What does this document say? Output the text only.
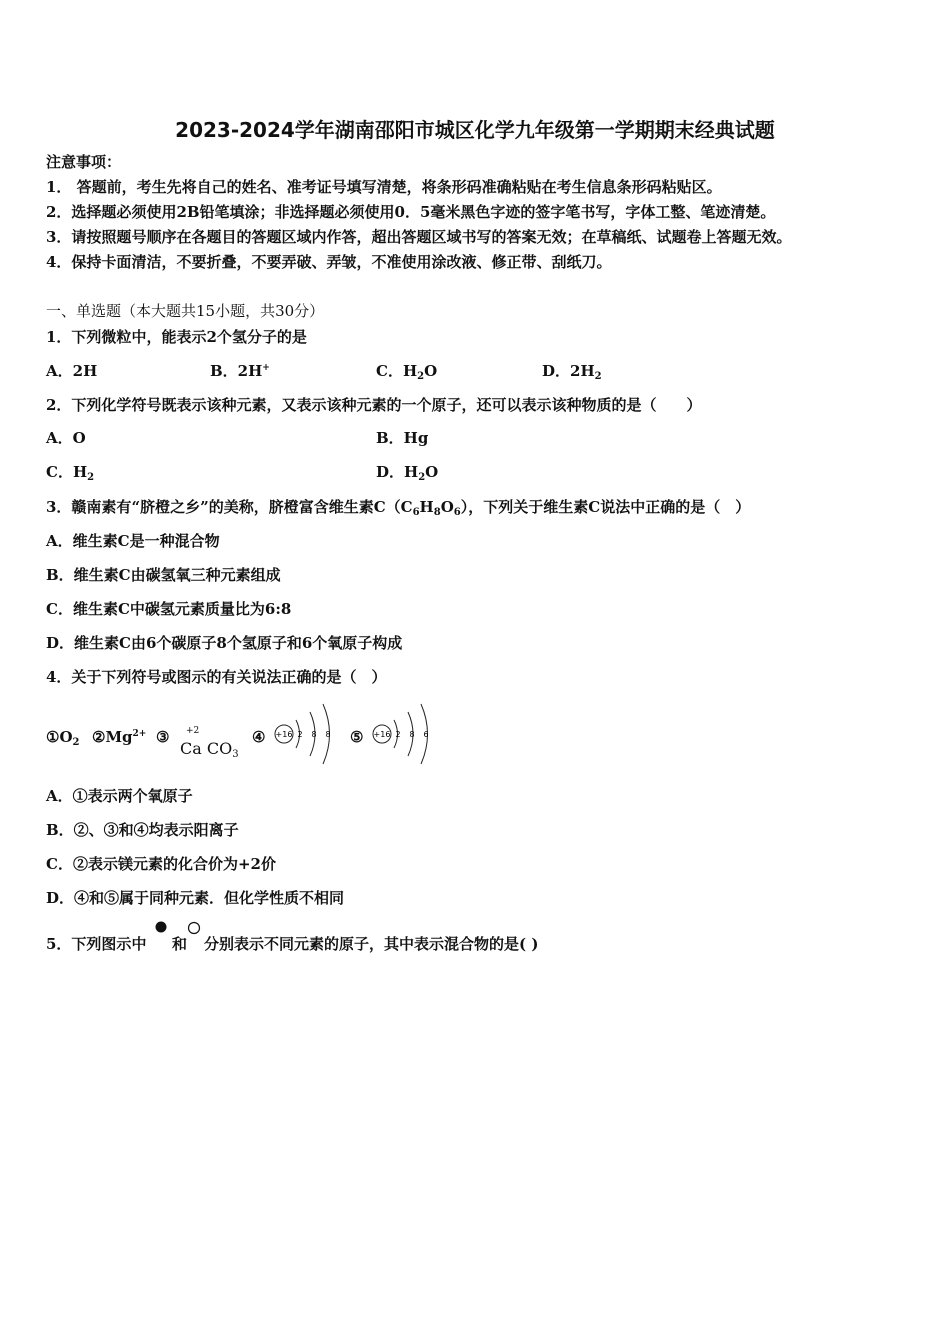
2023-2024学年湖南邵阳市城区化学九年级第一学期期末经典试题
注意事项：
1． 答题前，考生先将自己的姓名、准考证号填写清楚，将条形码准确粘贴在考生信息条形码粘贴区。
2．选择题必须使用2B铅笔填涂；非选择题必须使用0．5毫米黑色字迹的签字笔书写，字体工整、笔迹清楚。
3．请按照题号顺序在各题目的答题区域内作答，超出答题区域书写的答案无效；在草稿纸、试题卷上答题无效。
4．保持卡面清洁，不要折叠，不要弄破、弄皱，不准使用涂改液、修正带、刮纸刀。
一、单选题（本大题共15小题，共30分）
1．下列微粒中，能表示2个氢分子的是
A．2H	B．2H+	C．$H_2O$	D．$2H_2$
2．下列化学符号既表示该种元素，又表示该种元素的一个原子，还可以表示该种物质的是（　　）
A．O	B．Hg
C．$H_2$	D．$H_2O$
3．赣南素有“脐橙之乡”的美称，脐橙富含维生素$C(C_6H_8O_6)$，下列关于维生素C说法中正确的是（　）
A．维生素C是一种混合物
B．维生素C由碳氢氧三种元素组成
C．维生素C中碳氢元素质量比为6:8
D．维生素C由6个碳原子8个氢原子和6个氧原子构成
4．关于下列符号或图示的有关说法正确的是（　）
$①O_2$ $②Mg^{2+}$ ③ +2
Ca $CO_3$
④ +16 2 8 8 ⑤ +16 2 8 6
A．①表示两个氧原子
B．②、③和④均表示阳离子
C．②表示镁元素的化合价为+2价
D．④和⑤属于同种元素．但化学性质不相同
5．下列图示中 和 分别表示不同元素的原子，其中表示混合物的是( )
